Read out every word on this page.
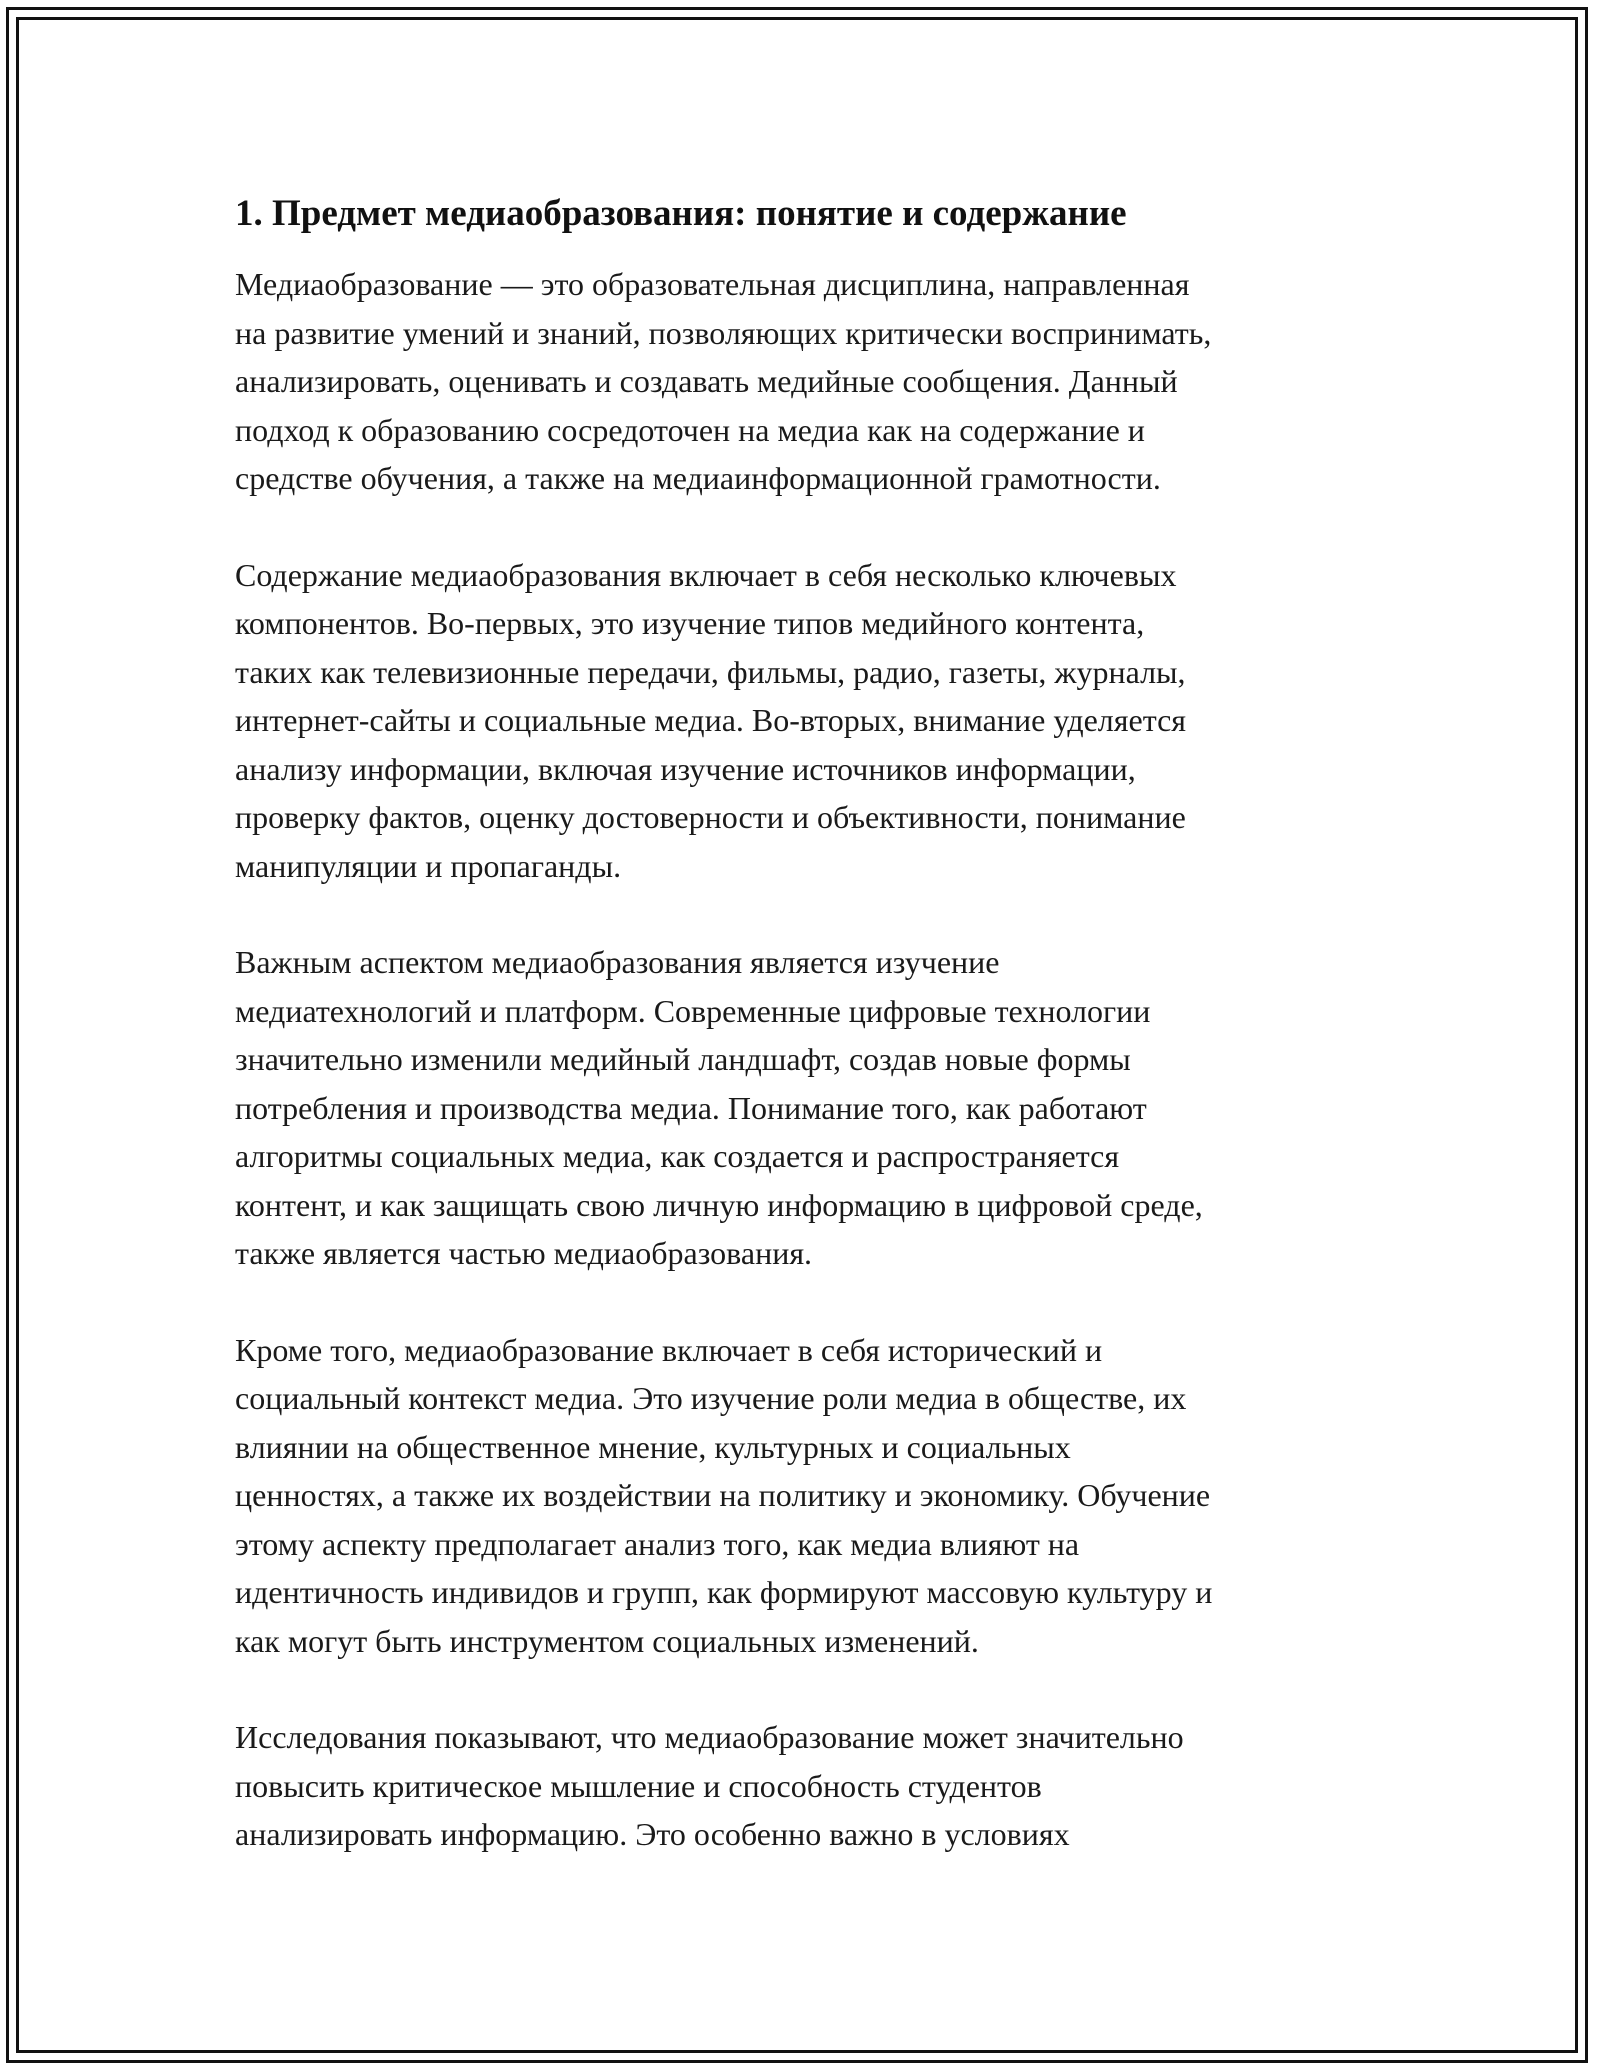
1. Предмет медиаобразования: понятие и содержание
Медиаобразование — это образовательная дисциплина, направленная
на развитие умений и знаний, позволяющих критически воспринимать,
анализировать, оценивать и создавать медийные сообщения. Данный
подход к образованию сосредоточен на медиа как на содержание и
средстве обучения, а также на медиаинформационной грамотности.
Содержание медиаобразования включает в себя несколько ключевых
компонентов. Во-первых, это изучение типов медийного контента,
таких как телевизионные передачи, фильмы, радио, газеты, журналы,
интернет-сайты и социальные медиа. Во-вторых, внимание уделяется
анализу информации, включая изучение источников информации,
проверку фактов, оценку достоверности и объективности, понимание
манипуляции и пропаганды.
Важным аспектом медиаобразования является изучение
медиатехнологий и платформ. Современные цифровые технологии
значительно изменили медийный ландшафт, создав новые формы
потребления и производства медиа. Понимание того, как работают
алгоритмы социальных медиа, как создается и распространяется
контент, и как защищать свою личную информацию в цифровой среде,
также является частью медиаобразования.
Кроме того, медиаобразование включает в себя исторический и
социальный контекст медиа. Это изучение роли медиа в обществе, их
влиянии на общественное мнение, культурных и социальных
ценностях, а также их воздействии на политику и экономику. Обучение
этому аспекту предполагает анализ того, как медиа влияют на
идентичность индивидов и групп, как формируют массовую культуру и
как могут быть инструментом социальных изменений.
Исследования показывают, что медиаобразование может значительно
повысить критическое мышление и способность студентов
анализировать информацию. Это особенно важно в условиях
